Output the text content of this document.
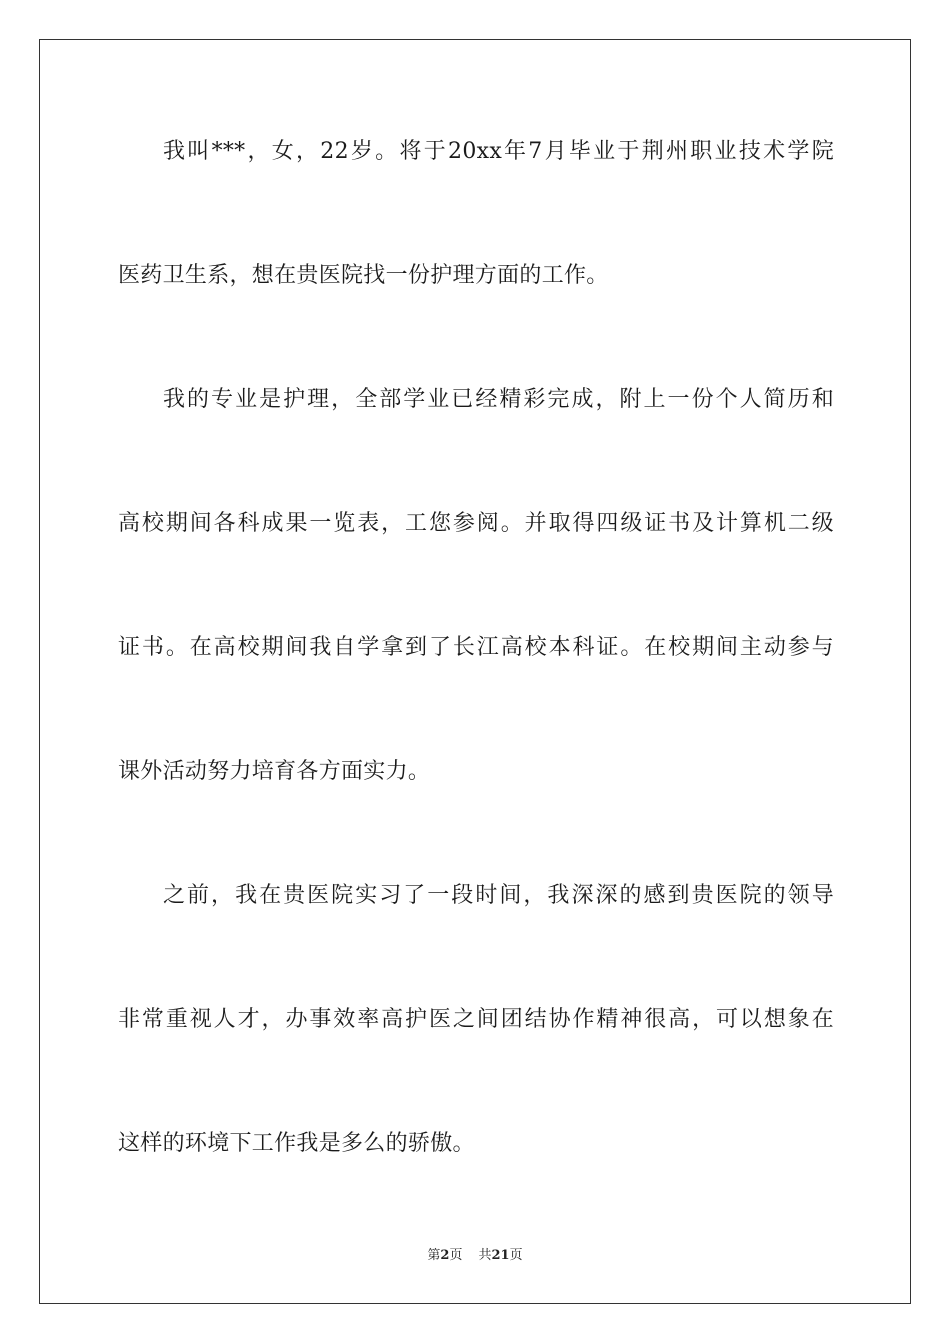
我叫***，女，22岁。将于20xx年7月毕业于荆州职业技术学院
医药卫生系，想在贵医院找一份护理方面的工作。
我的专业是护理，全部学业已经精彩完成，附上一份个人简历和
高校期间各科成果一览表，工您参阅。并取得四级证书及计算机二级
证书。在高校期间我自学拿到了长江高校本科证。在校期间主动参与
课外活动努力培育各方面实力。
之前，我在贵医院实习了一段时间，我深深的感到贵医院的领导
非常重视人才，办事效率高护医之间团结协作精神很高，可以想象在
这样的环境下工作我是多么的骄傲。
第2页 共21页
